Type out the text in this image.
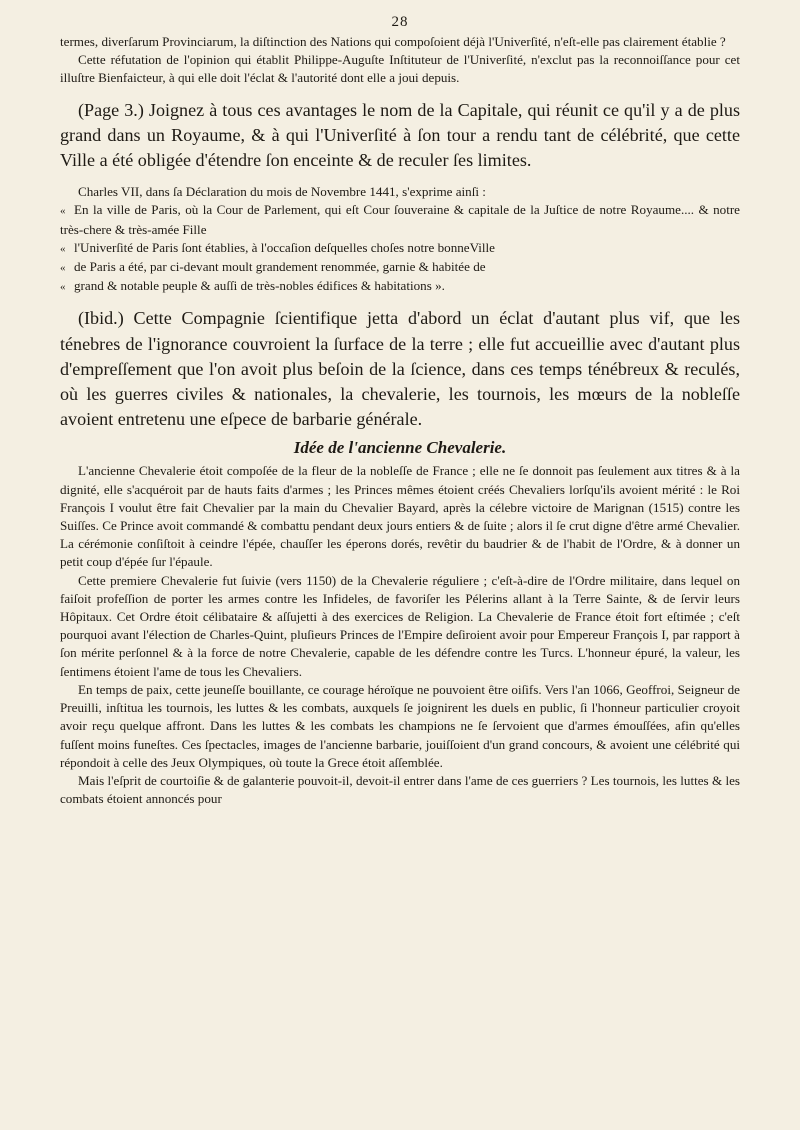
28

termes, diverſarum Provinciarum, la diſtinction des Nations qui compoſoient déjà l'Univerſité, n'eſt-elle pas clairement établie ?

Cette réfutation de l'opinion qui établit Philippe-Auguſte Inſtituteur de l'Univerſité, n'exclut pas la reconnoiſſance pour cet illuſtre Bienfaicteur, à qui elle doit l'éclat & l'autorité dont elle a joui depuis.

(Page 3.) Joignez à tous ces avantages le nom de la Capitale, qui réunit ce qu'il y a de plus grand dans un Royaume, & à qui l'Univerſité à ſon tour a rendu tant de célébrité, que cette Ville a été obligée d'étendre ſon enceinte & de reculer ſes limites.

Charles VII, dans ſa Déclaration du mois de Novembre 1441, s'exprime ainſi :

« En la ville de Paris, où la Cour de Parlement, qui eſt Cour ſouveraine & capitale de la Juſtice de notre Royaume.... & notre très-chere & très-amée Fille
« l'Univerſité de Paris ſont établies, à l'occaſion deſquelles choſes notre bonneVille
« de Paris a été, par ci-devant moult grandement renommée, garnie & habitée de
« grand & notable peuple & auſſi de très-nobles édifices & habitations ».

(Ibid.) Cette Compagnie ſcientifique jetta d'abord un éclat d'autant plus vif, que les ténebres de l'ignorance couvroient la ſurface de la terre ; elle fut accueillie avec d'autant plus d'empreſſement que l'on avoit plus beſoin de la ſcience, dans ces temps ténébreux & reculés, où les guerres civiles & nationales, la chevalerie, les tournois, les mœurs de la nobleſſe avoient entretenu une eſpece de barbarie générale.

Idée de l'ancienne Chevalerie.

L'ancienne Chevalerie étoit compoſée de la fleur de la nobleſſe de France ; elle ne ſe donnoit pas ſeulement aux titres & à la dignité, elle s'acquéroit par de hauts faits d'armes ; les Princes mêmes étoient créés Chevaliers lorſqu'ils avoient mérité : le Roi François I voulut être fait Chevalier par la main du Chevalier Bayard, après la célebre victoire de Marignan (1515) contre les Suiſſes. Ce Prince avoit commandé & combattu pendant deux jours entiers & de ſuite ; alors il ſe crut digne d'être armé Chevalier. La cérémonie conſiſtoit à ceindre l'épée, chauſſer les éperons dorés, revêtir du baudrier & de l'habit de l'Ordre, & à donner un petit coup d'épée ſur l'épaule.

Cette premiere Chevalerie fut ſuivie (vers 1150) de la Chevalerie réguliere ; c'eſt-à-dire de l'Ordre militaire, dans lequel on faiſoit profeſſion de porter les armes contre les Infideles, de favoriſer les Pélerins allant à la Terre Sainte, & de ſervir leurs Hôpitaux. Cet Ordre étoit célibataire & aſſujetti à des exercices de Religion. La Chevalerie de France étoit fort eſtimée ; c'eſt pourquoi avant l'élection de Charles-Quint, pluſieurs Princes de l'Empire deſiroient avoir pour Empereur François I, par rapport à ſon mérite perſonnel & à la force de notre Chevalerie, capable de les défendre contre les Turcs. L'honneur épuré, la valeur, les ſentimens étoient l'ame de tous les Chevaliers.

En temps de paix, cette jeuneſſe bouillante, ce courage héroïque ne pouvoient être oiſifs. Vers l'an 1066, Geoffroi, Seigneur de Preuilli, inſtitua les tournois, les luttes & les combats, auxquels ſe joignirent les duels en public, ſi l'honneur particulier croyoit avoir reçu quelque affront. Dans les luttes & les combats les champions ne ſe ſervoient que d'armes émouſſées, afin qu'elles fuſſent moins funeſtes. Ces ſpectacles, images de l'ancienne barbarie, jouiſſoient d'un grand concours, & avoient une célébrité qui répondoit à celle des Jeux Olympiques, où toute la Grece étoit aſſemblée.

Mais l'eſprit de courtoiſie & de galanterie pouvoit-il, devoit-il entrer dans l'ame de ces guerriers ? Les tournois, les luttes & les combats étoient annoncés pour
